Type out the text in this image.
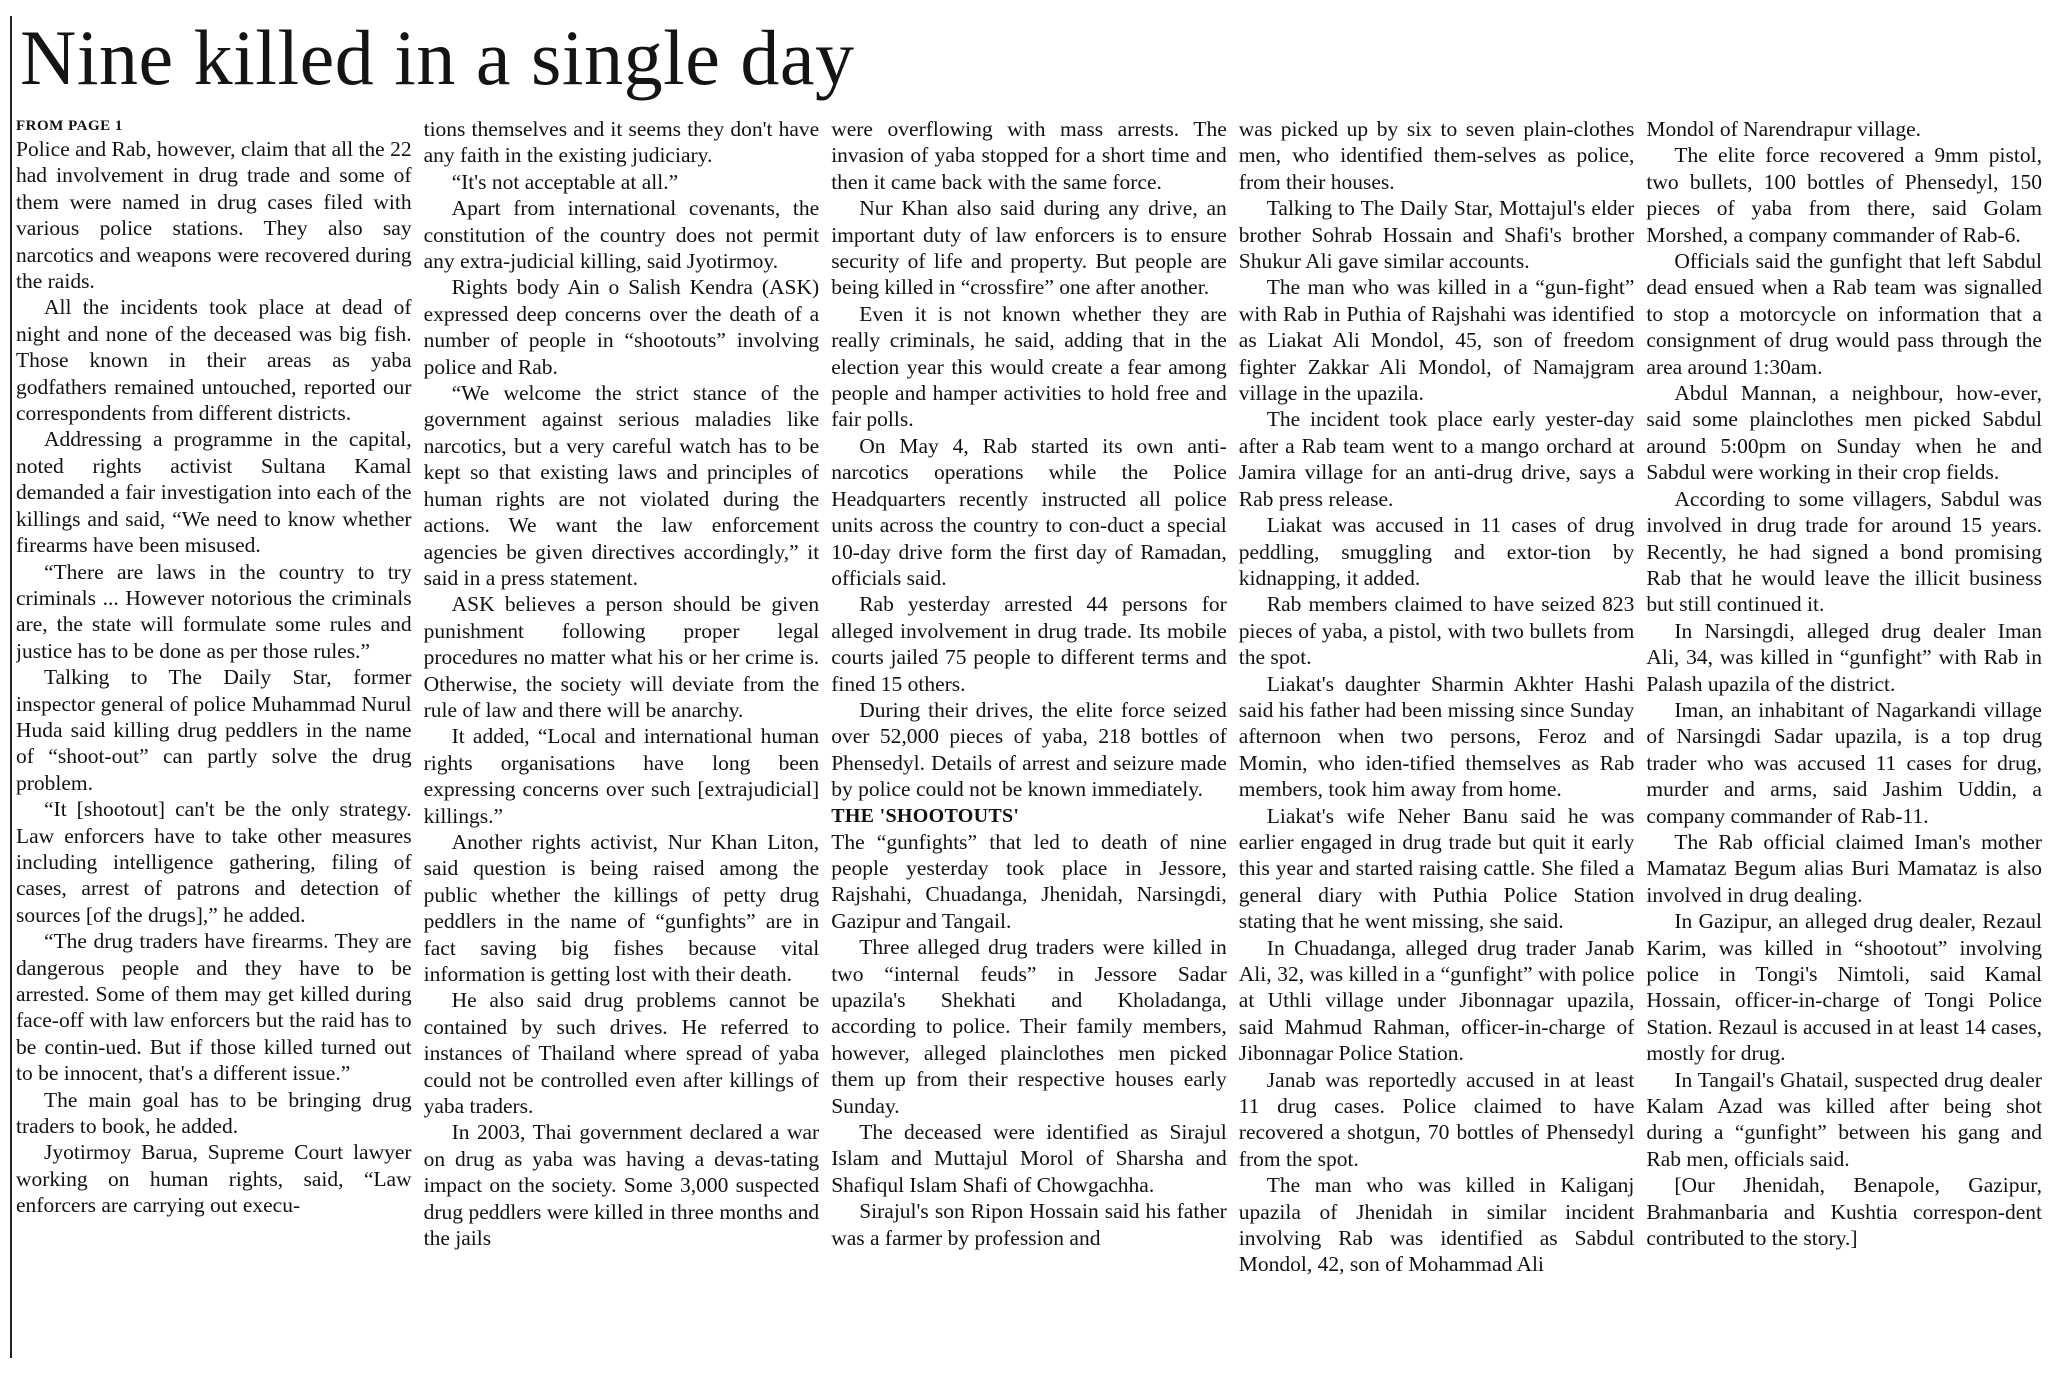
Nine killed in a single day
FROM PAGE 1

Police and Rab, however, claim that all the 22 had involvement in drug trade and some of them were named in drug cases filed with various police stations. They also say narcotics and weapons were recovered during the raids.

All the incidents took place at dead of night and none of the deceased was big fish. Those known in their areas as yaba godfathers remained untouched, reported our correspondents from different districts.

Addressing a programme in the capital, noted rights activist Sultana Kamal demanded a fair investigation into each of the killings and said, “We need to know whether firearms have been misused.

“There are laws in the country to try criminals ... However notorious the criminals are, the state will formulate some rules and justice has to be done as per those rules.”

Talking to The Daily Star, former inspector general of police Muhammad Nurul Huda said killing drug peddlers in the name of “shoot-out” can partly solve the drug problem.

“It [shootout] can't be the only strategy. Law enforcers have to take other measures including intelligence gathering, filing of cases, arrest of patrons and detection of sources [of the drugs],” he added.

“The drug traders have firearms. They are dangerous people and they have to be arrested. Some of them may get killed during face-off with law enforcers but the raid has to be contin-ued. But if those killed turned out to be innocent, that's a different issue.”

The main goal has to be bringing drug traders to book, he added.

Jyotirmoy Barua, Supreme Court lawyer working on human rights, said, “Law enforcers are carrying out execu-

tions themselves and it seems they don't have any faith in the existing judiciary.

“It's not acceptable at all.”

Apart from international covenants, the constitution of the country does not permit any extra-judicial killing, said Jyotirmoy.

Rights body Ain o Salish Kendra (ASK) expressed deep concerns over the death of a number of people in “shootouts” involving police and Rab.

“We welcome the strict stance of the government against serious maladies like narcotics, but a very careful watch has to be kept so that existing laws and principles of human rights are not violated during the actions. We want the law enforcement agencies be given directives accordingly,” it said in a press statement.

ASK believes a person should be given punishment following proper legal procedures no matter what his or her crime is. Otherwise, the society will deviate from the rule of law and there will be anarchy.

It added, “Local and international human rights organisations have long been expressing concerns over such [extrajudicial] killings.”

Another rights activist, Nur Khan Liton, said question is being raised among the public whether the killings of petty drug peddlers in the name of “gunfights” are in fact saving big fishes because vital information is getting lost with their death.

He also said drug problems cannot be contained by such drives. He referred to instances of Thailand where spread of yaba could not be controlled even after killings of yaba traders.

In 2003, Thai government declared a war on drug as yaba was having a devas-tating impact on the society. Some 3,000 suspected drug peddlers were killed in three months and the jails

were overflowing with mass arrests. The invasion of yaba stopped for a short time and then it came back with the same force.

Nur Khan also said during any drive, an important duty of law enforcers is to ensure security of life and property. But people are being killed in “crossfire” one after another.

Even it is not known whether they are really criminals, he said, adding that in the election year this would create a fear among people and hamper activities to hold free and fair polls.

On May 4, Rab started its own anti-narcotics operations while the Police Headquarters recently instructed all police units across the country to con-duct a special 10-day drive form the first day of Ramadan, officials said.

Rab yesterday arrested 44 persons for alleged involvement in drug trade. Its mobile courts jailed 75 people to different terms and fined 15 others.

During their drives, the elite force seized over 52,000 pieces of yaba, 218 bottles of Phensedyl. Details of arrest and seizure made by police could not be known immediately.

THE 'SHOOTOUTS'

The “gunfights” that led to death of nine people yesterday took place in Jessore, Rajshahi, Chuadanga, Jhenidah, Narsingdi, Gazipur and Tangail.

Three alleged drug traders were killed in two “internal feuds” in Jessore Sadar upazila's Shekhati and Kholadanga, according to police. Their family members, however, alleged plainclothes men picked them up from their respective houses early Sunday.

The deceased were identified as Sirajul Islam and Muttajul Morol of Sharsha and Shafiqul Islam Shafi of Chowgachha.

Sirajul's son Ripon Hossain said his father was a farmer by profession and

was picked up by six to seven plain-clothes men, who identified them-selves as police, from their houses.

Talking to The Daily Star, Mottajul's elder brother Sohrab Hossain and Shafi's brother Shukur Ali gave similar accounts.

The man who was killed in a “gun-fight” with Rab in Puthia of Rajshahi was identified as Liakat Ali Mondol, 45, son of freedom fighter Zakkar Ali Mondol, of Namajgram village in the upazila.

The incident took place early yester-day after a Rab team went to a mango orchard at Jamira village for an anti-drug drive, says a Rab press release.

Liakat was accused in 11 cases of drug peddling, smuggling and extor-tion by kidnapping, it added.

Rab members claimed to have seized 823 pieces of yaba, a pistol, with two bullets from the spot.

Liakat's daughter Sharmin Akhter Hashi said his father had been missing since Sunday afternoon when two persons, Feroz and Momin, who iden-tified themselves as Rab members, took him away from home.

Liakat's wife Neher Banu said he was earlier engaged in drug trade but quit it early this year and started raising cattle. She filed a general diary with Puthia Police Station stating that he went missing, she said.

In Chuadanga, alleged drug trader Janab Ali, 32, was killed in a “gunfight” with police at Uthli village under Jibonnagar upazila, said Mahmud Rahman, officer-in-charge of Jibonnagar Police Station.

Janab was reportedly accused in at least 11 drug cases. Police claimed to have recovered a shotgun, 70 bottles of Phensedyl from the spot.

The man who was killed in Kaliganj upazila of Jhenidah in similar incident involving Rab was identified as Sabdul Mondol, 42, son of Mohammad Ali

Mondol of Narendrapur village.

The elite force recovered a 9mm pistol, two bullets, 100 bottles of Phensedyl, 150 pieces of yaba from there, said Golam Morshed, a company commander of Rab-6.

Officials said the gunfight that left Sabdul dead ensued when a Rab team was signalled to stop a motorcycle on information that a consignment of drug would pass through the area around 1:30am.

Abdul Mannan, a neighbour, how-ever, said some plainclothes men picked Sabdul around 5:00pm on Sunday when he and Sabdul were working in their crop fields.

According to some villagers, Sabdul was involved in drug trade for around 15 years. Recently, he had signed a bond promising Rab that he would leave the illicit business but still continued it.

In Narsingdi, alleged drug dealer Iman Ali, 34, was killed in “gunfight” with Rab in Palash upazila of the district.

Iman, an inhabitant of Nagarkandi village of Narsingdi Sadar upazila, is a top drug trader who was accused 11 cases for drug, murder and arms, said Jashim Uddin, a company commander of Rab-11.

The Rab official claimed Iman's mother Mamataz Begum alias Buri Mamataz is also involved in drug dealing.

In Gazipur, an alleged drug dealer, Rezaul Karim, was killed in “shootout” involving police in Tongi's Nimtoli, said Kamal Hossain, officer-in-charge of Tongi Police Station. Rezaul is accused in at least 14 cases, mostly for drug.

In Tangail's Ghatail, suspected drug dealer Kalam Azad was killed after being shot during a “gunfight” between his gang and Rab men, officials said.

[Our Jhenidah, Benapole, Gazipur, Brahmanbaria and Kushtia correspon-dent contributed to the story.]
